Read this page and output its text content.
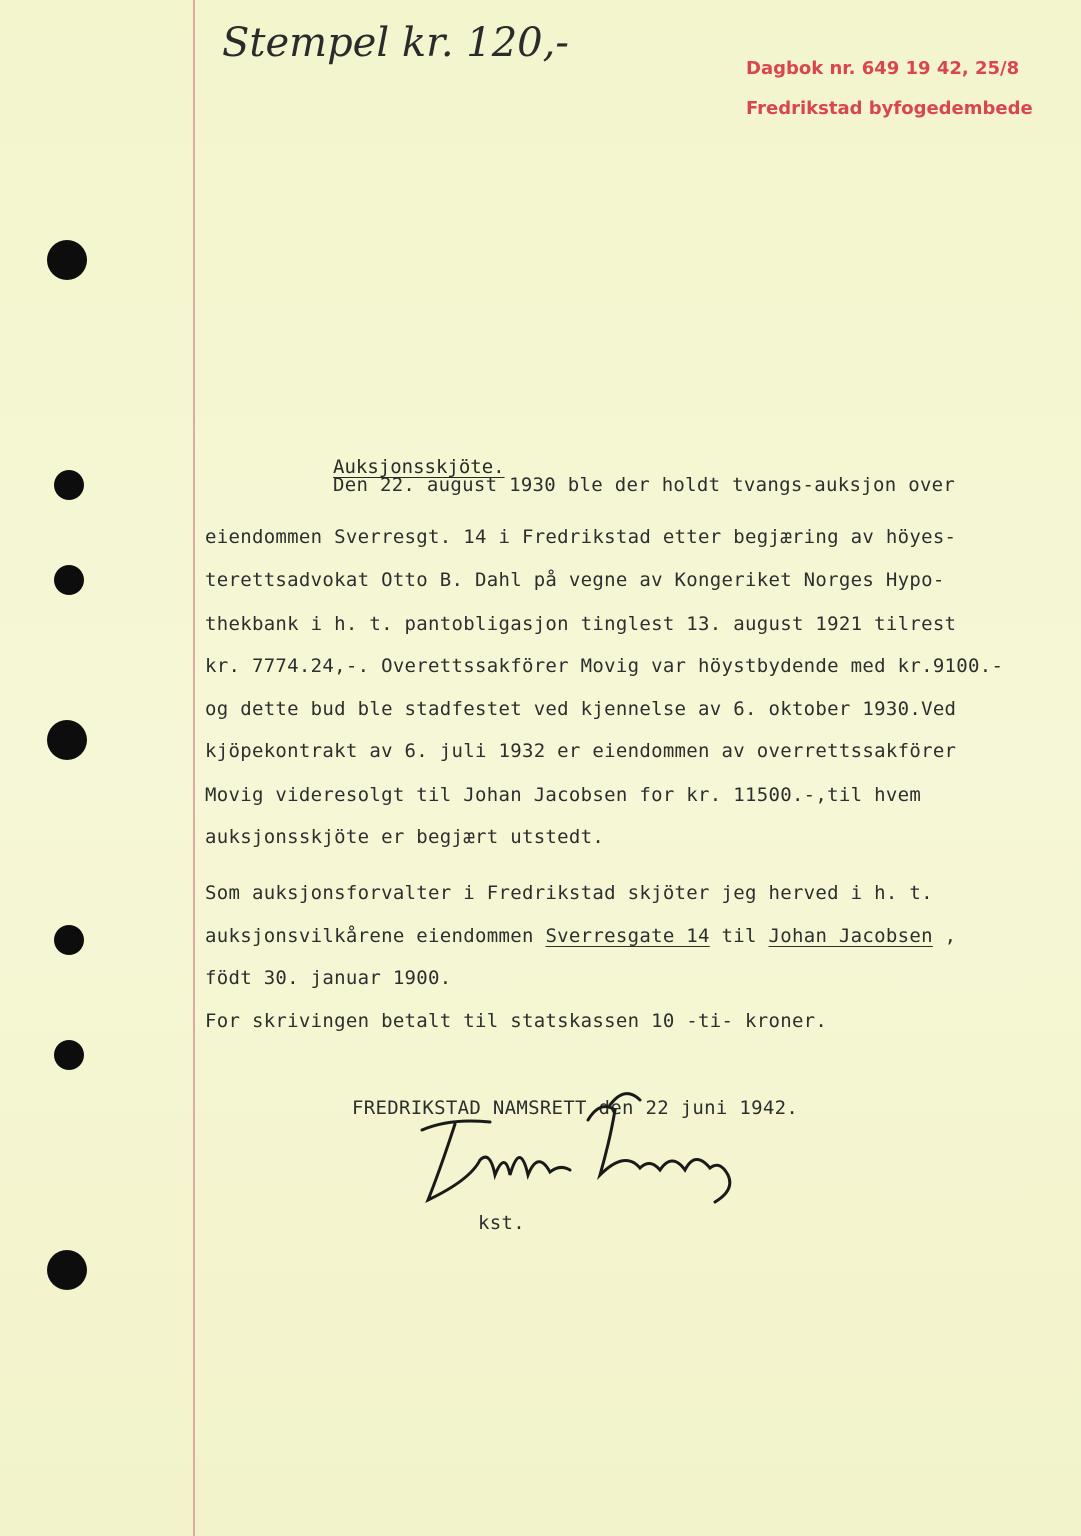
Stempel kr. 120,-
Dagbok nr. 649 19 42, 25/8
Fredrikstad byfogedembede
Auksjonsskjöte.
Den 22. august 1930 ble der holdt tvangs-auksjon over
eiendommen Sverresgt. 14 i Fredrikstad etter begjæring av höyes-
terettsadvokat Otto B. Dahl på vegne av Kongeriket Norges Hypo-
thekbank i h. t. pantobligasjon tinglest 13. august 1921 tilrest
kr. 7774.24,-. Overettssakförer Movig var höystbydende med kr.9100.-
og dette bud ble stadfestet ved kjennelse av 6. oktober 1930.Ved
kjöpekontrakt av 6. juli 1932 er eiendommen av overrettssakförer
Movig videresolgt til Johan Jacobsen for kr. 11500.-,til hvem
auksjonsskjöte er begjært utstedt.
Som auksjonsforvalter i Fredrikstad skjöter jeg herved i h. t.
auksjonsvilkårene eiendommen Sverresgate 14 til Johan Jacobsen ,
födt 30. januar 1900.
For skrivingen betalt til statskassen 10 -ti- kroner.
FREDRIKSTAD NAMSRETT den 22 juni 1942.
kst.
